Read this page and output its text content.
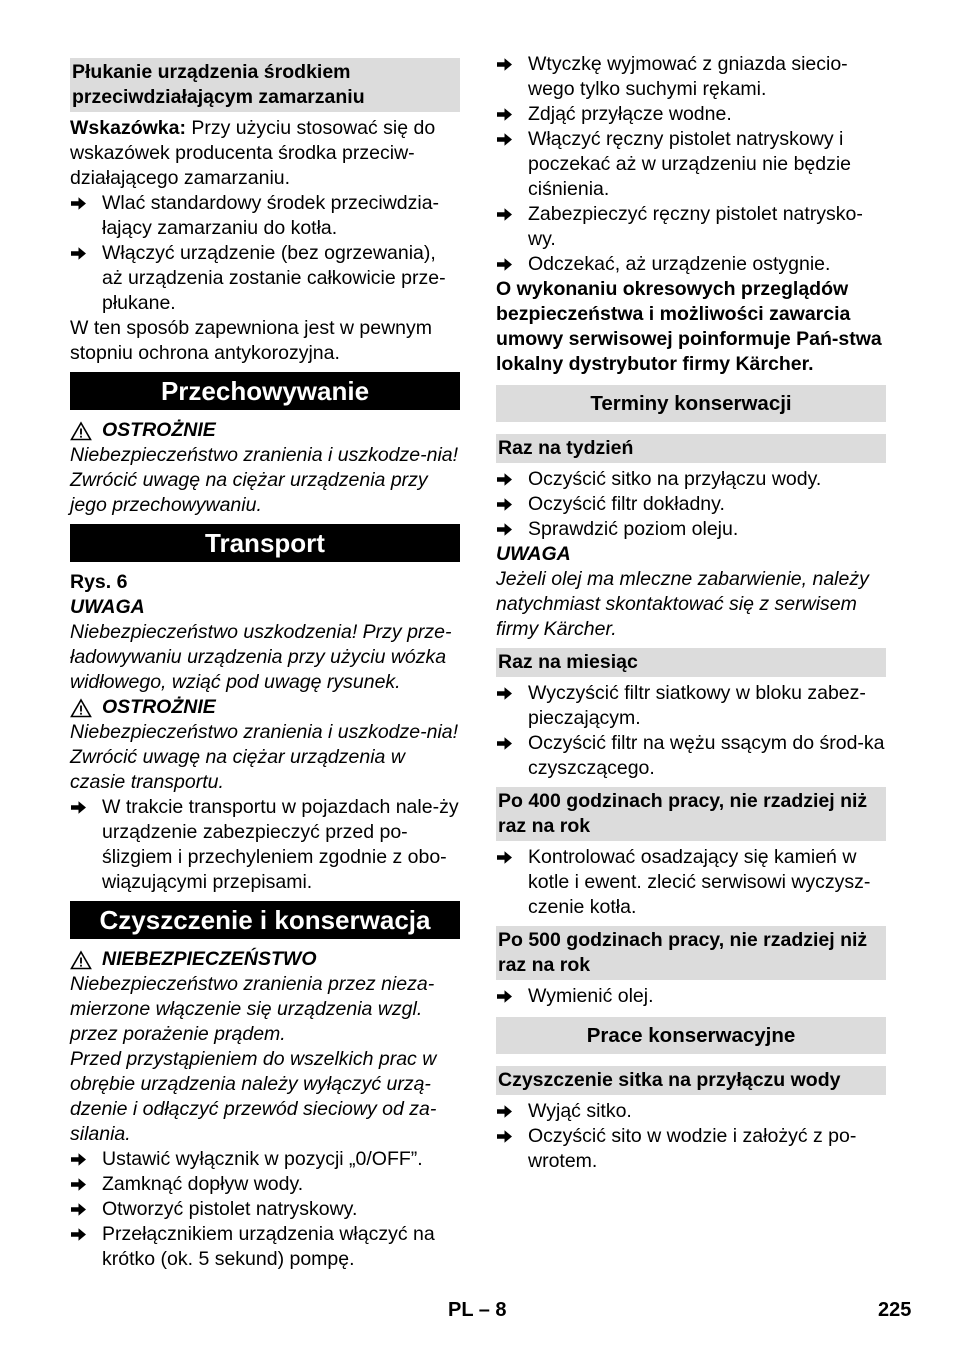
Płukanie urządzenia środkiem przeciwdziałającym zamarzaniu

Wskazówka: Przy użyciu stosować się do wskazówek producenta środka przeciw-działającego zamarzaniu.

Wlać standardowy środek przeciwdzia-łający zamarzaniu do kotła.
Włączyć urządzenie (bez ogrzewania), aż urządzenia zostanie całkowicie prze-płukane.

W ten sposób zapewniona jest w pewnym stopniu ochrona antykorozyjna.

Przechowywanie
OSTROŻNIE

Niebezpieczeństwo zranienia i uszkodze-nia! Zwrócić uwagę na ciężar urządzenia przy jego przechowywaniu.

Transport

Rys. 6

UWAGA

Niebezpieczeństwo uszkodzenia! Przy prze-ładowywaniu urządzenia przy użyciu wózka widłowego, wziąć pod uwagę rysunek.

OSTROŻNIE

Niebezpieczeństwo zranienia i uszkodze-nia! Zwrócić uwagę na ciężar urządzenia w czasie transportu.

W trakcie transportu w pojazdach nale-ży urządzenie zabezpieczyć przed po-ślizgiem i przechyleniem zgodnie z obo-wiązującymi przepisami.
Czyszczenie i konserwacja
NIEBEZPIECZEŃSTWO

Niebezpieczeństwo zranienia przez nieza-mierzone włączenie się urządzenia wzgl. przez porażenie prądem.

Przed przystąpieniem do wszelkich prac w obrębie urządzenia należy wyłączyć urzą-dzenie i odłączyć przewód sieciowy od za-silania.

Ustawić wyłącznik w pozycji „0/OFF”.
Zamknąć dopływ wody.
Otworzyć pistolet natryskowy.
Przełącznikiem urządzenia włączyć na krótko (ok. 5 sekund) pompę.
Wtyczkę wyjmować z gniazda siecio-wego tylko suchymi rękami.
Zdjąć przyłącze wodne.
Włączyć ręczny pistolet natryskowy i poczekać aż w urządzeniu nie będzie ciśnienia.
Zabezpieczyć ręczny pistolet natrysko-wy.
Odczekać, aż urządzenie ostygnie.

O wykonaniu okresowych przeglądów bezpieczeństwa i możliwości zawarcia umowy serwisowej poinformuje Pań-stwa lokalny dystrybutor firmy Kärcher.

Terminy konserwacji
Raz na tydzień
Oczyścić sitko na przyłączu wody.
Oczyścić filtr dokładny.
Sprawdzić poziom oleju.

UWAGA

Jeżeli olej ma mleczne zabarwienie, należy natychmiast skontaktować się z serwisem firmy Kärcher.

Raz na miesiąc
Wyczyścić filtr siatkowy w bloku zabez-pieczającym.
Oczyścić filtr na wężu ssącym do środ-ka czyszczącego.
Po 400 godzinach pracy, nie rzadziej niż raz na rok
Kontrolować osadzający się kamień w kotle i ewent. zlecić serwisowi wyczysz-czenie kotła.
Po 500 godzinach pracy, nie rzadziej niż raz na rok
Wymienić olej.
Prace konserwacyjne
Czyszczenie sitka na przyłączu wody
Wyjąć sitko.
Oczyścić sito w wodzie i założyć z po-wrotem.
PL – 8	225
